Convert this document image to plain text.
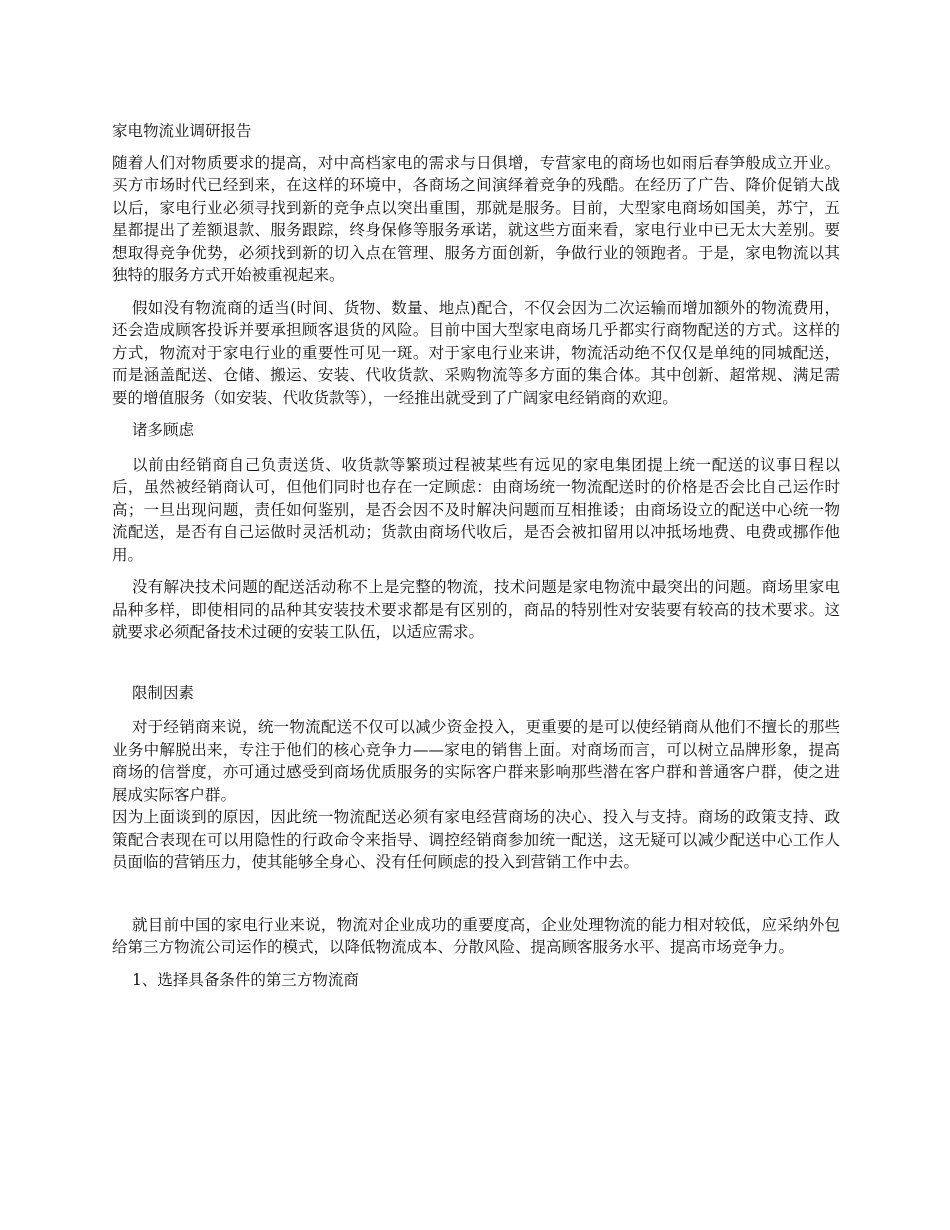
家电物流业调研报告

随着人们对物质要求的提高，对中高档家电的需求与日俱增，专营家电的商场也如雨后春笋般成立开业。买方市场时代已经到来，在这样的环境中，各商场之间演绎着竞争的残酷。在经历了广告、降价促销大战以后，家电行业必须寻找到新的竞争点以突出重围，那就是服务。目前，大型家电商场如国美，苏宁，五星都提出了差额退款、服务跟踪，终身保修等服务承诺，就这些方面来看，家电行业中已无太大差别。要想取得竞争优势，必须找到新的切入点在管理、服务方面创新，争做行业的领跑者。于是，家电物流以其独特的服务方式开始被重视起来。

假如没有物流商的适当(时间、货物、数量、地点)配合，不仅会因为二次运输而增加额外的物流费用，还会造成顾客投诉并要承担顾客退货的风险。目前中国大型家电商场几乎都实行商物配送的方式。这样的方式，物流对于家电行业的重要性可见一斑。对于家电行业来讲，物流活动绝不仅仅是单纯的同城配送，而是涵盖配送、仓储、搬运、安装、代收货款、采购物流等多方面的集合体。其中创新、超常规、满足需要的增值服务（如安装、代收货款等），一经推出就受到了广阔家电经销商的欢迎。

诸多顾虑

以前由经销商自己负责送货、收货款等繁琐过程被某些有远见的家电集团提上统一配送的议事日程以后，虽然被经销商认可，但他们同时也存在一定顾虑：由商场统一物流配送时的价格是否会比自己运作时高；一旦出现问题，责任如何鉴别，是否会因不及时解决问题而互相推诿；由商场设立的配送中心统一物流配送，是否有自己运做时灵活机动；货款由商场代收后，是否会被扣留用以冲抵场地费、电费或挪作他用。

没有解决技术问题的配送活动称不上是完整的物流，技术问题是家电物流中最突出的问题。商场里家电品种多样，即使相同的品种其安装技术要求都是有区别的，商品的特别性对安装要有较高的技术要求。这就要求必须配备技术过硬的安装工队伍，以适应需求。

限制因素

对于经销商来说，统一物流配送不仅可以减少资金投入，更重要的是可以使经销商从他们不擅长的那些业务中解脱出来，专注于他们的核心竞争力——家电的销售上面。对商场而言，可以树立品牌形象，提高商场的信誉度，亦可通过感受到商场优质服务的实际客户群来影响那些潜在客户群和普通客户群，使之进展成实际客户群。

因为上面谈到的原因，因此统一物流配送必须有家电经营商场的决心、投入与支持。商场的政策支持、政策配合表现在可以用隐性的行政命令来指导、调控经销商参加统一配送，这无疑可以减少配送中心工作人员面临的营销压力，使其能够全身心、没有任何顾虑的投入到营销工作中去。

就目前中国的家电行业来说，物流对企业成功的重要度高，企业处理物流的能力相对较低，应采纳外包给第三方物流公司运作的模式，以降低物流成本、分散风险、提高顾客服务水平、提高市场竞争力。

1、选择具备条件的第三方物流商
